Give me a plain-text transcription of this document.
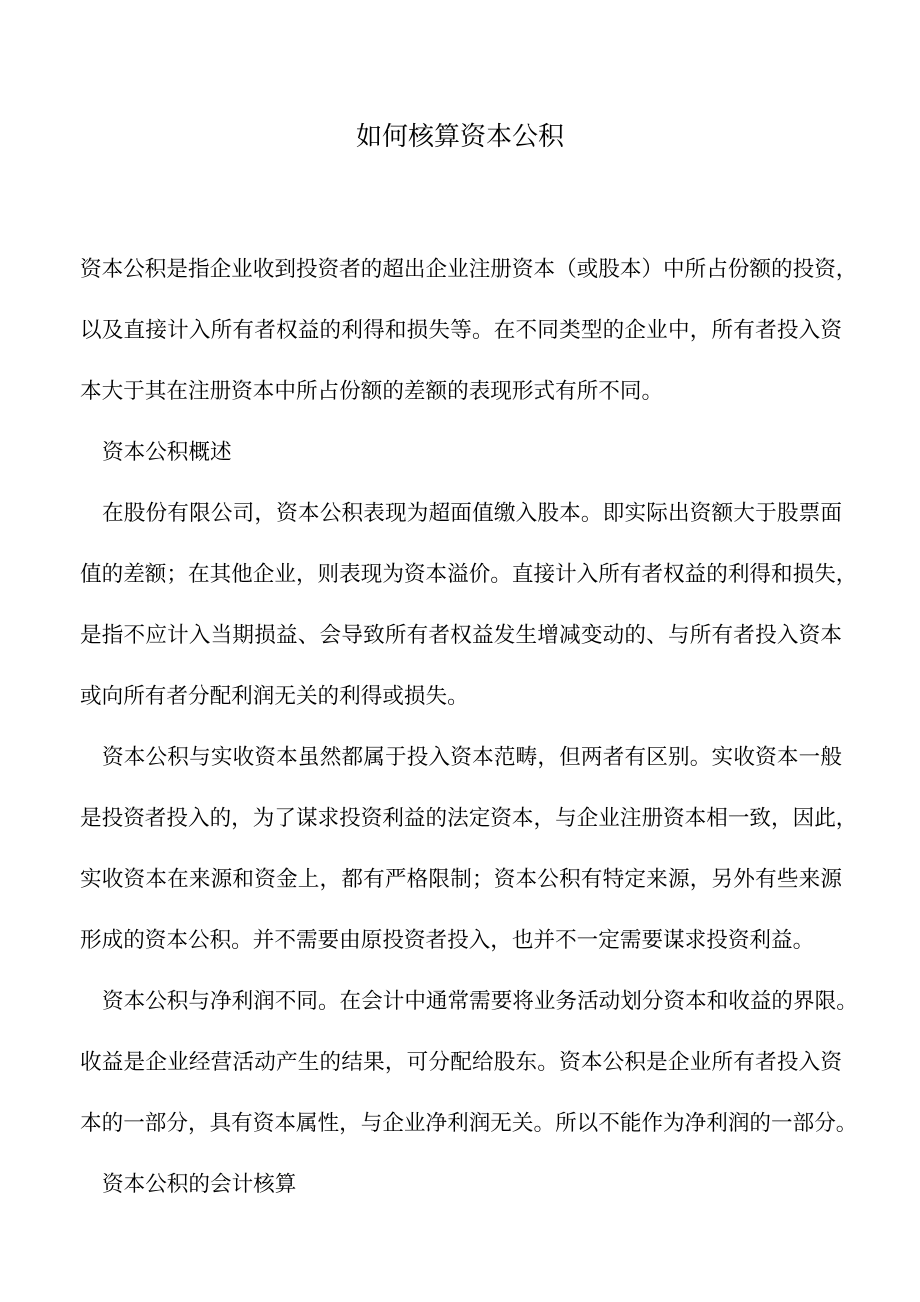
如何核算资本公积
资本公积是指企业收到投资者的超出企业注册资本（或股本）中所占份额的投资，
以及直接计入所有者权益的利得和损失等。在不同类型的企业中，所有者投入资
本大于其在注册资本中所占份额的差额的表现形式有所不同。
资本公积概述
在股份有限公司，资本公积表现为超面值缴入股本。即实际出资额大于股票面
值的差额；在其他企业，则表现为资本溢价。直接计入所有者权益的利得和损失，
是指不应计入当期损益、会导致所有者权益发生增减变动的、与所有者投入资本
或向所有者分配利润无关的利得或损失。
资本公积与实收资本虽然都属于投入资本范畴，但两者有区别。实收资本一般
是投资者投入的，为了谋求投资利益的法定资本，与企业注册资本相一致，因此，
实收资本在来源和资金上，都有严格限制；资本公积有特定来源，另外有些来源
形成的资本公积。并不需要由原投资者投入，也并不一定需要谋求投资利益。
资本公积与净利润不同。在会计中通常需要将业务活动划分资本和收益的界限。
收益是企业经营活动产生的结果，可分配给股东。资本公积是企业所有者投入资
本的一部分，具有资本属性，与企业净利润无关。所以不能作为净利润的一部分。
资本公积的会计核算
